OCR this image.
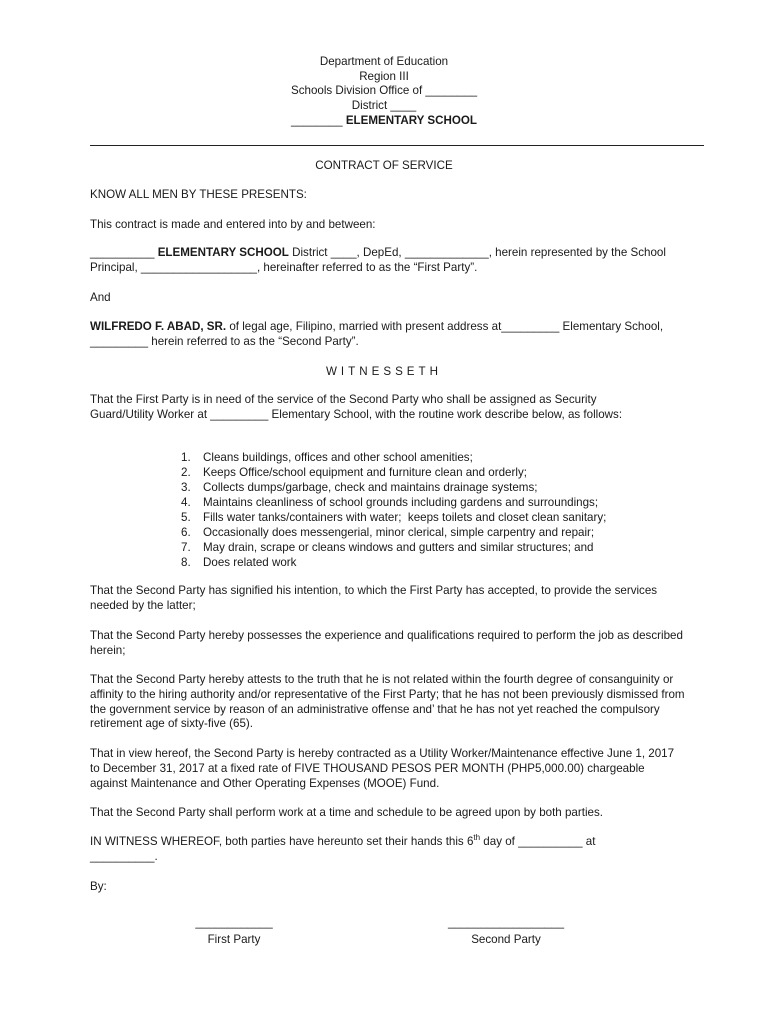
Department of Education
Region III
Schools Division Office of ________
District ____
________ ELEMENTARY SCHOOL
CONTRACT OF SERVICE
KNOW ALL MEN BY THESE PRESENTS:
This contract is made and entered into by and between:
__________ ELEMENTARY SCHOOL District ____, DepEd, _____________, herein represented by the School Principal, __________________, hereinafter referred to as the “First Party”.
And
WILFREDO F. ABAD, SR. of legal age, Filipino, married with present address at_________ Elementary School, _________ herein referred to as the “Second Party”.
WITNESSETH
That the First Party is in need of the service of the Second Party who shall be assigned as Security Guard/Utility Worker at _________ Elementary School, with the routine work describe below, as follows:
1. Cleans buildings, offices and other school amenities;
2. Keeps Office/school equipment and furniture clean and orderly;
3. Collects dumps/garbage, check and maintains drainage systems;
4. Maintains cleanliness of school grounds including gardens and surroundings;
5. Fills water tanks/containers with water;  keeps toilets and closet clean sanitary;
6. Occasionally does messengerial, minor clerical, simple carpentry and repair;
7. May drain, scrape or cleans windows and gutters and similar structures; and
8. Does related work
That the Second Party has signified his intention, to which the First Party has accepted, to provide the services needed by the latter;
That the Second Party hereby possesses the experience and qualifications required to perform the job as described herein;
That the Second Party hereby attests to the truth that he is not related within the fourth degree of consanguinity or affinity to the hiring authority and/or representative of the First Party; that he has not been previously dismissed from the government service by reason of an administrative offense and’ that he has not yet reached the compulsory retirement age of sixty-five (65).
That in view hereof, the Second Party is hereby contracted as a Utility Worker/Maintenance effective June 1, 2017 to December 31, 2017 at a fixed rate of FIVE THOUSAND PESOS PER MONTH (PHP5,000.00) chargeable against Maintenance and Other Operating Expenses (MOOE) Fund.
That the Second Party shall perform work at a time and schedule to be agreed upon by both parties.
IN WITNESS WHEREOF, both parties have hereunto set their hands this 6th day of __________ at __________.
By:
____________
First Party
__________________
Second Party
